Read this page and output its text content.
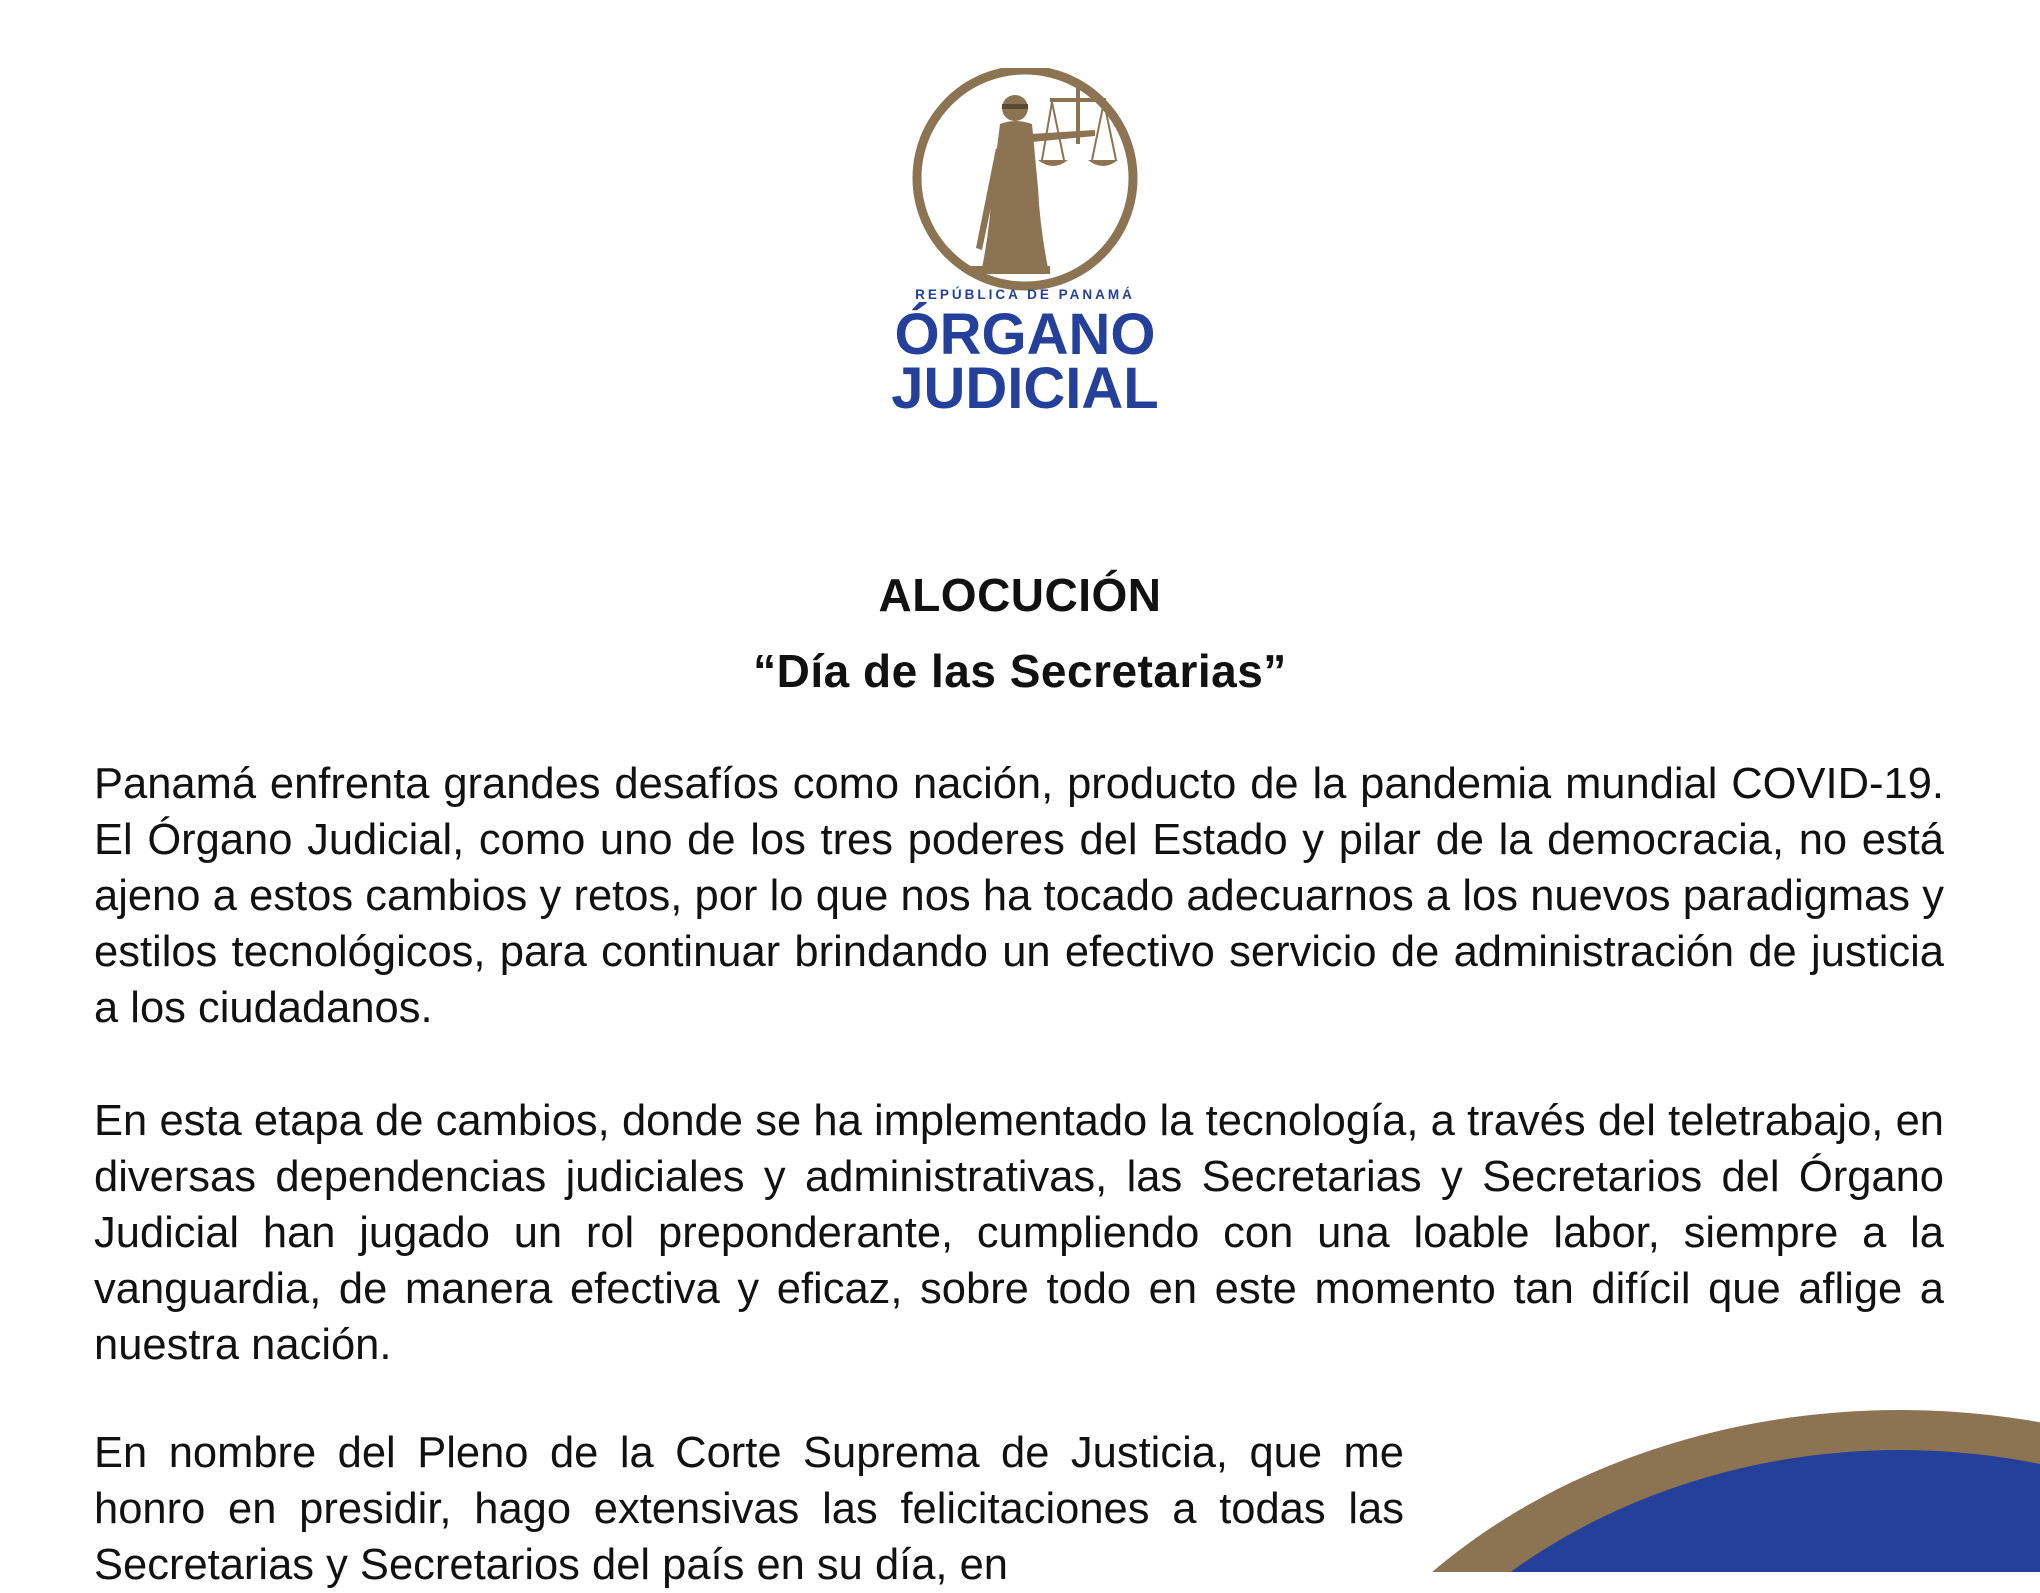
REPÚBLICA DE PANAMÁ
ÓRGANO
JUDICIAL
ALOCUCIÓN
“Día de las Secretarias”

Panamá enfrenta grandes desafíos como nación, producto de la pandemia mundial COVID-19. El Órgano Judicial, como uno de los tres poderes del Estado y pilar de la democracia, no está ajeno a estos cambios y retos, por lo que nos ha tocado adecuarnos a los nuevos paradigmas y estilos tecnológicos, para continuar brindando un efectivo servicio de administración de justicia a los ciudadanos.

En esta etapa de cambios, donde se ha implementado la tecnología, a través del teletrabajo, en diversas dependencias judiciales y administrativas, las Secretarias y Secretarios del Órgano Judicial han jugado un rol preponderante, cumpliendo con una loable labor, siempre a la vanguardia, de manera efectiva y eficaz, sobre todo en este momento tan difícil que aflige a nuestra nación.

En nombre del Pleno de la Corte Suprema de Justicia, que me honro en presidir, hago extensivas las felicitaciones a todas las Secretarias y Secretarios del país en su día, en
